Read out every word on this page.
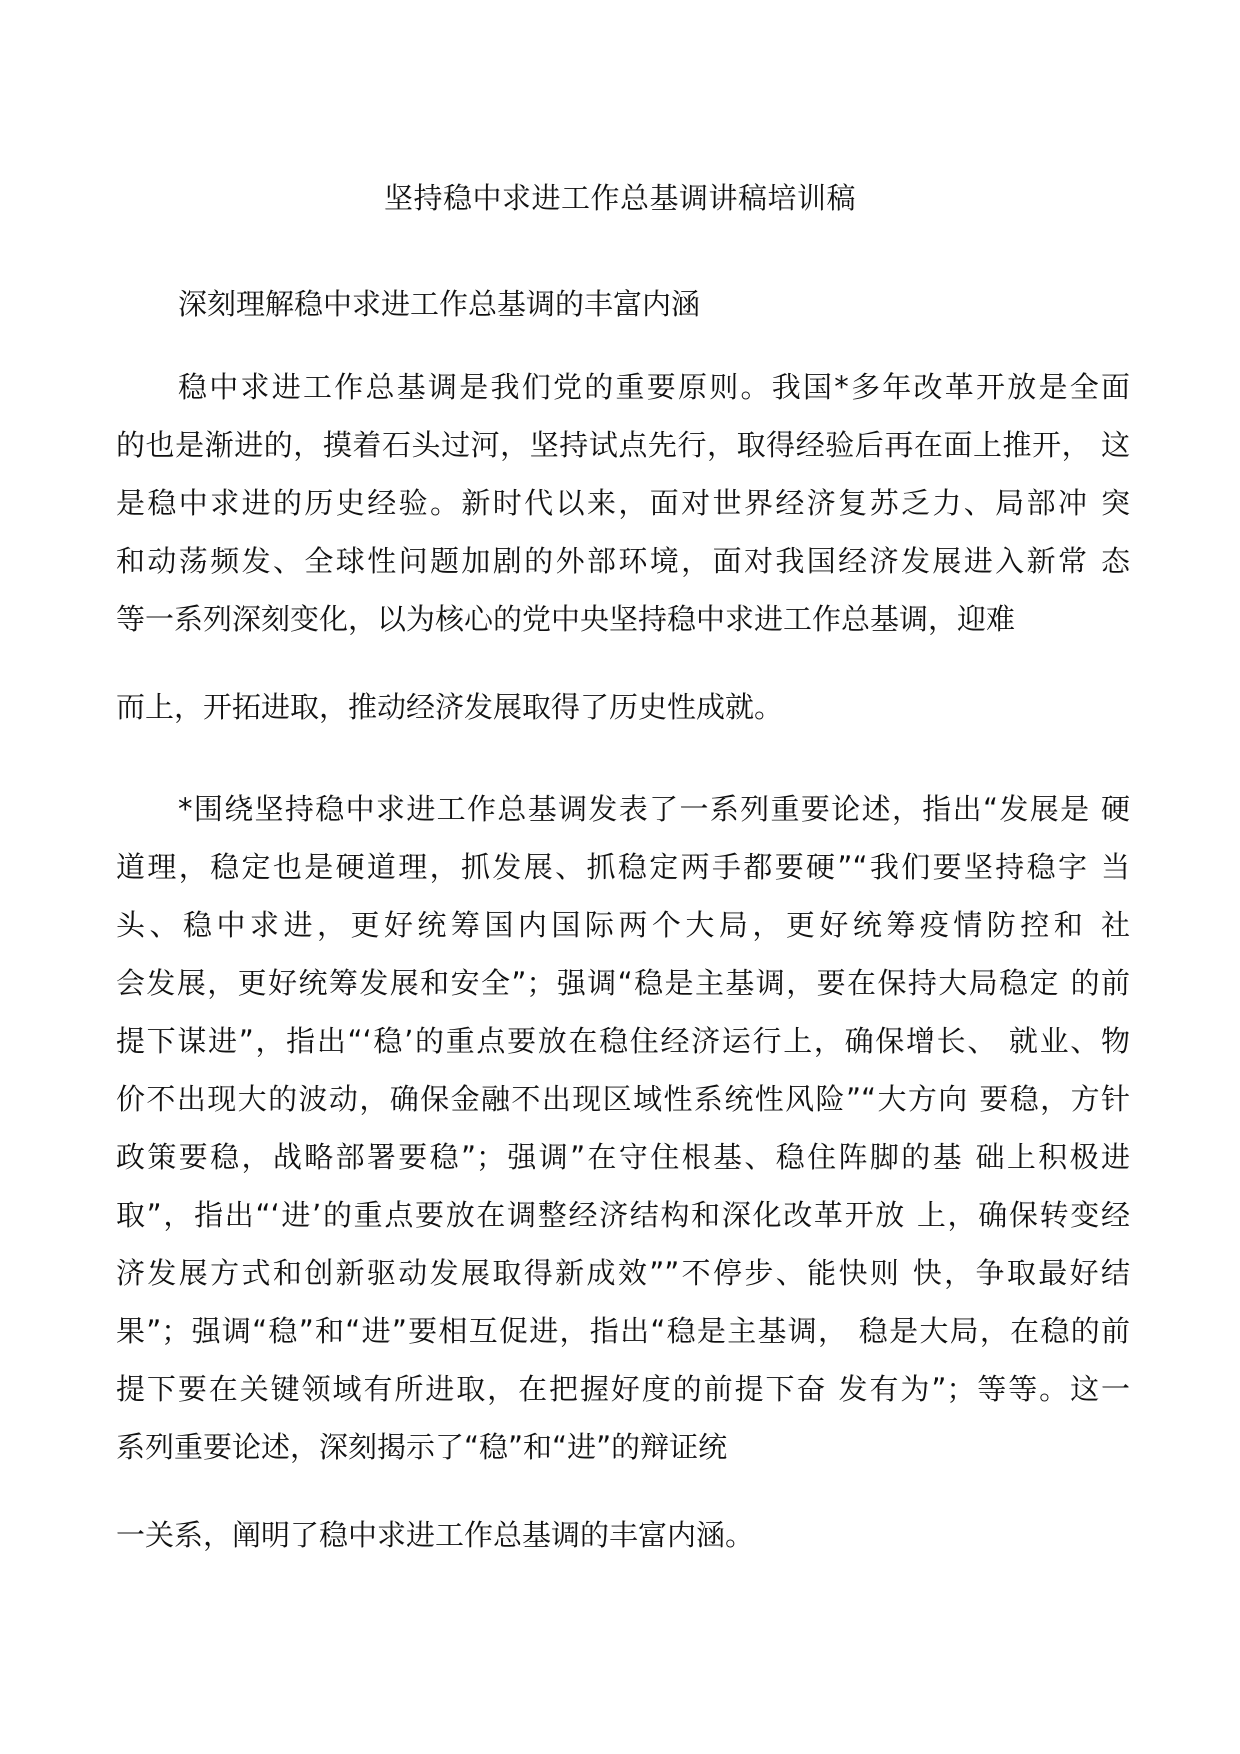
坚持稳中求进工作总基调讲稿培训稿
深刻理解稳中求进工作总基调的丰富内涵
稳中求进工作总基调是我们党的重要原则。我国*多年改革开放是全面
的也是渐进的，摸着石头过河，坚持试点先行，取得经验后再在面上推开， 这
是稳中求进的历史经验。新时代以来，面对世界经济复苏乏力、局部冲 突
和动荡频发、全球性问题加剧的外部环境，面对我国经济发展进入新常 态
等一系列深刻变化，以为核心的党中央坚持稳中求进工作总基调，迎难
而上，开拓进取，推动经济发展取得了历史性成就。
*围绕坚持稳中求进工作总基调发表了一系列重要论述，指出“发展是 硬
道理，稳定也是硬道理，抓发展、抓稳定两手都要硬”“我们要坚持稳字 当
头、稳中求进，更好统筹国内国际两个大局，更好统筹疫情防控和 社
会发展，更好统筹发展和安全”；强调“稳是主基调，要在保持大局稳定 的前
提下谋进”，指出“‘稳’的重点要放在稳住经济运行上，确保增长、 就业、物
价不出现大的波动，确保金融不出现区域性系统性风险”“大方向 要稳，方针
政策要稳，战略部署要稳”；强调”在守住根基、稳住阵脚的基 础上积极进
取”，指出“‘进’的重点要放在调整经济结构和深化改革开放 上，确保转变经
济发展方式和创新驱动发展取得新成效””不停步、能快则 快，争取最好结
果”；强调“稳”和“进”要相互促进，指出“稳是主基调， 稳是大局，在稳的前
提下要在关键领域有所进取，在把握好度的前提下奋 发有为”；等等。这一
系列重要论述，深刻揭示了“稳”和“进”的辩证统
一关系，阐明了稳中求进工作总基调的丰富内涵。
